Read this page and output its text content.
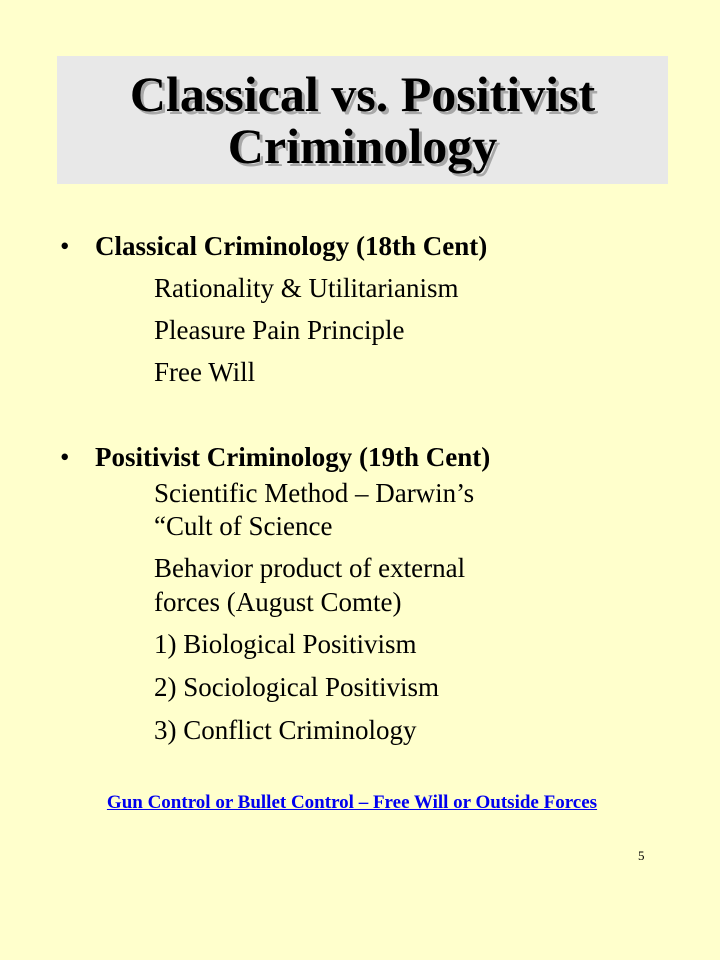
Classical vs. Positivist
Criminology
• Classical Criminology (18th Cent)
Rationality & Utilitarianism
Pleasure Pain Principle
Free Will
• Positivist Criminology (19th Cent)
Scientific Method – Darwin’s
“Cult of Science
Behavior product of external
forces (August Comte)
1) Biological Positivism
2) Sociological Positivism
3) Conflict Criminology
Gun Control or Bullet Control – Free Will or Outside Forces
5
